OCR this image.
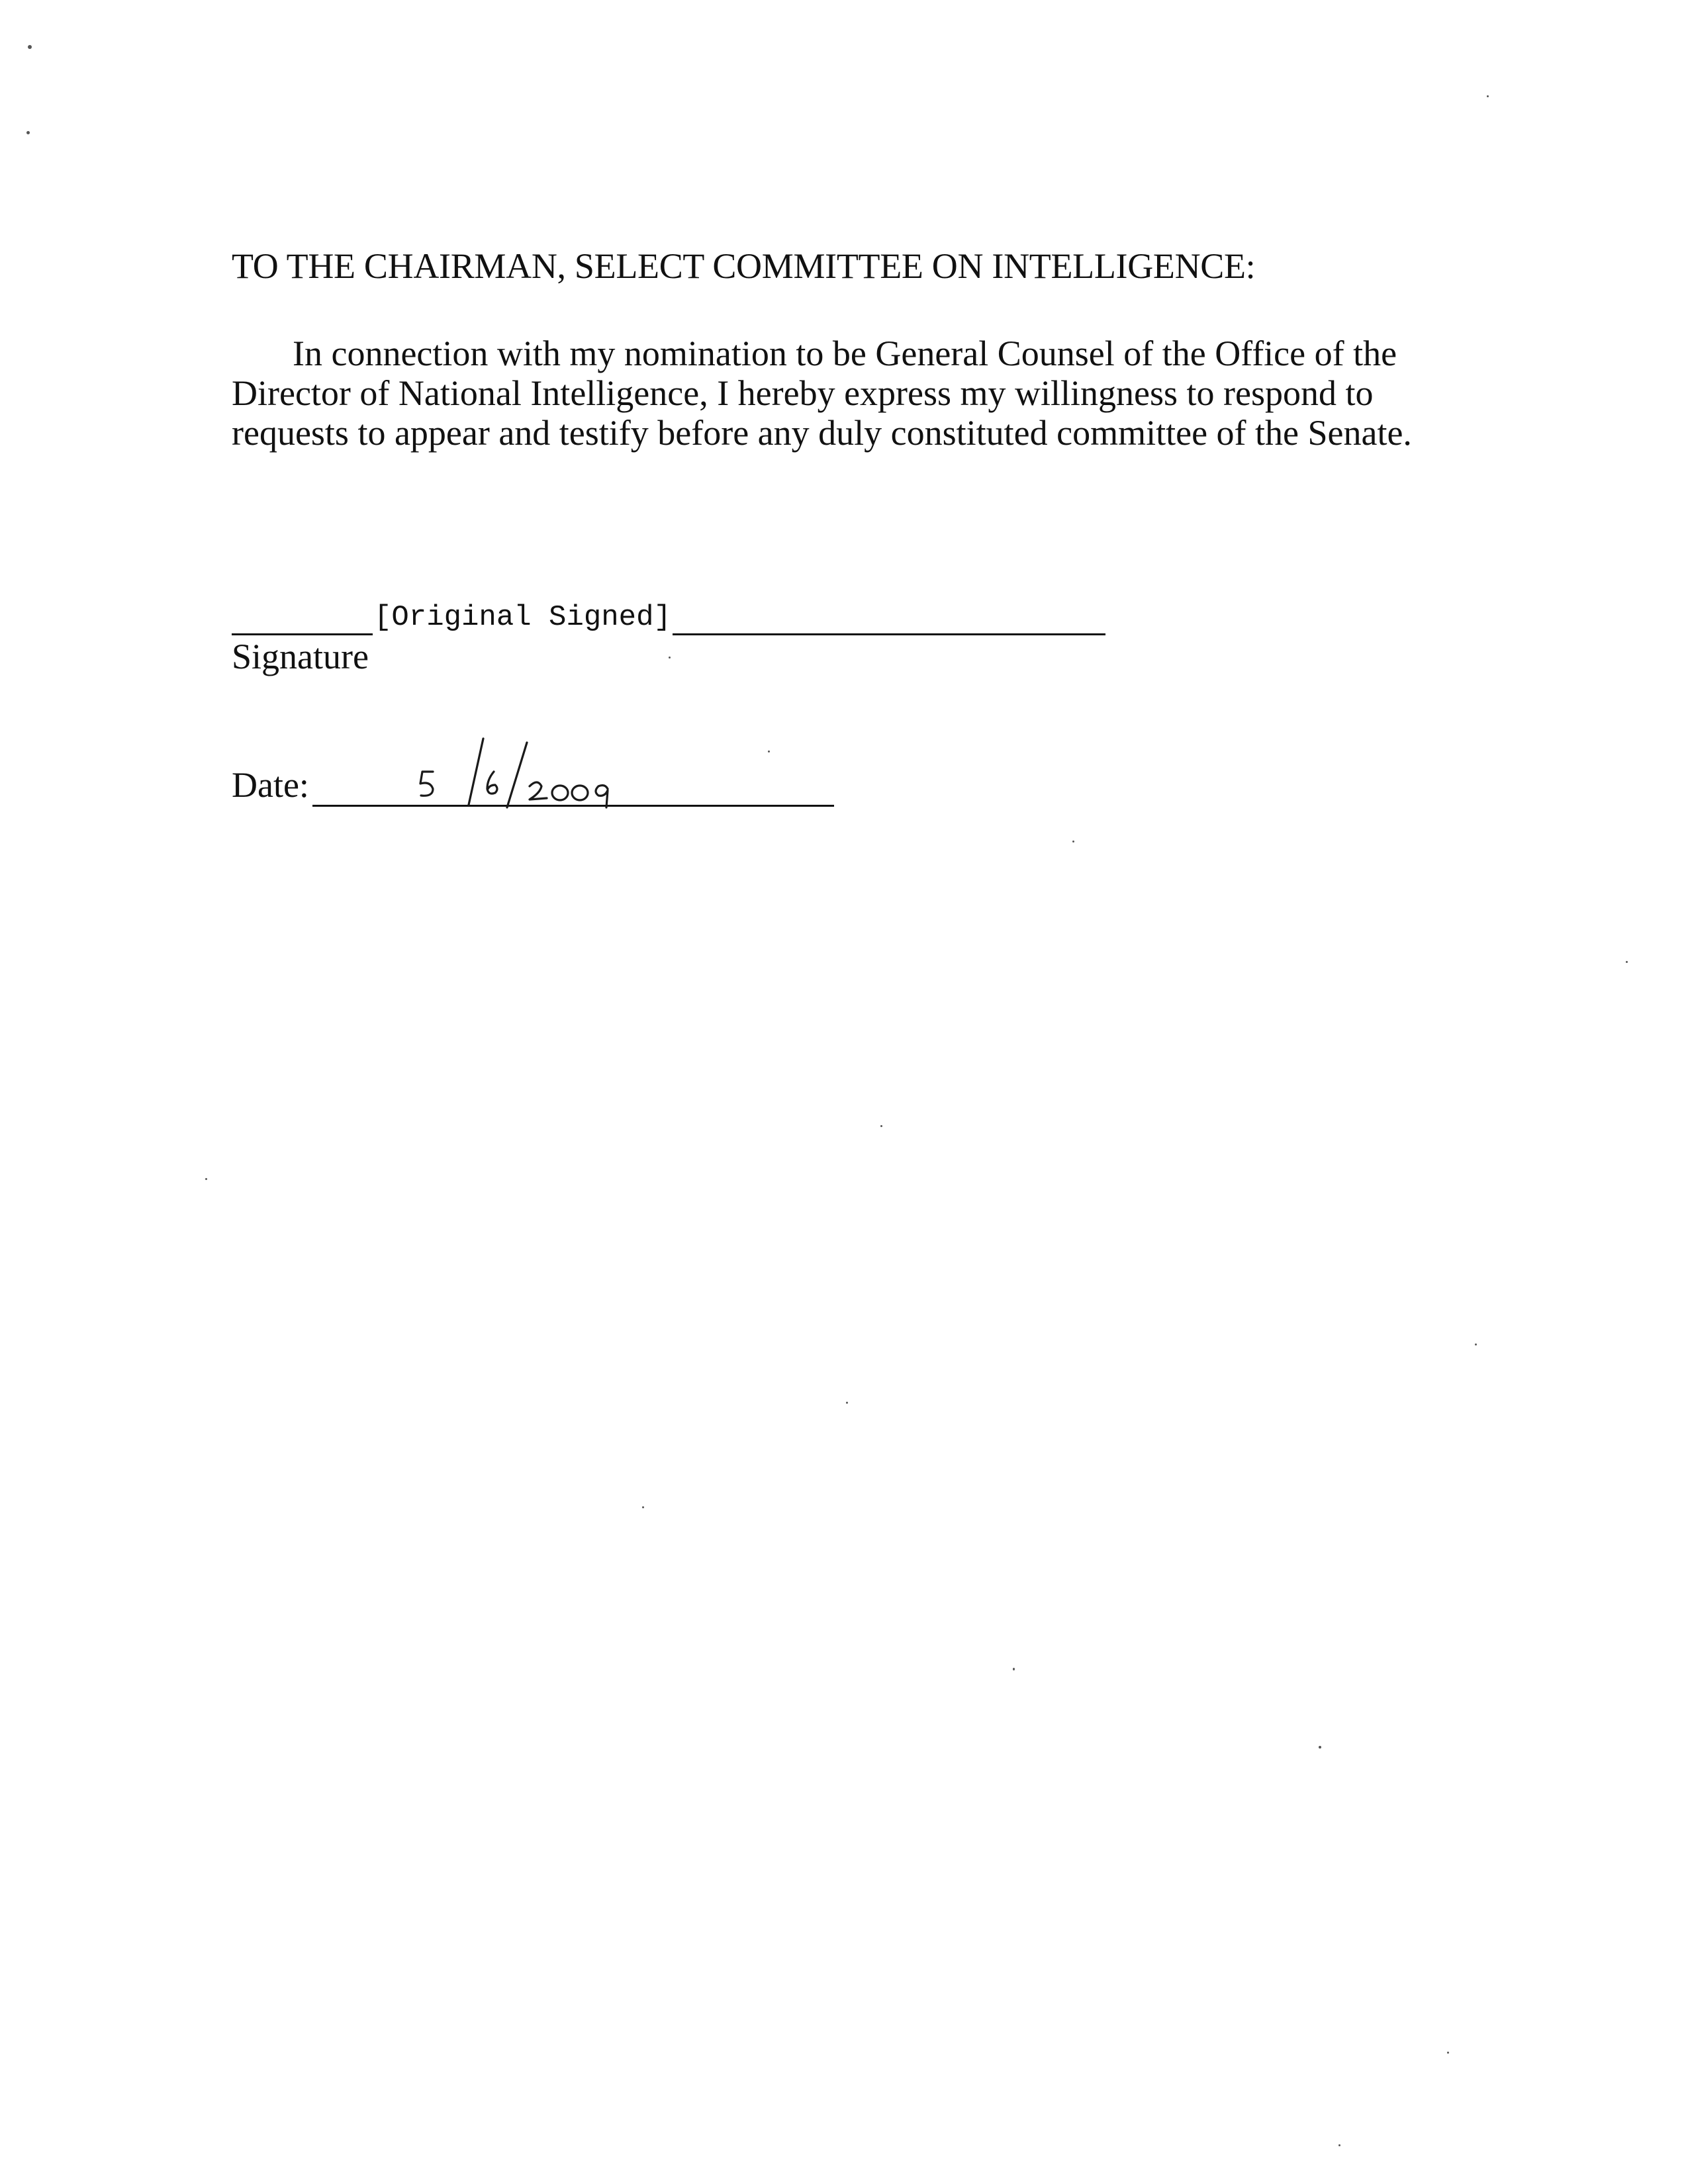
TO THE CHAIRMAN, SELECT COMMITTEE ON INTELLIGENCE:
In connection with my nomination to be General Counsel of the Office of the
Director of National Intelligence, I hereby express my willingness to respond to
requests to appear and testify before any duly constituted committee of the Senate.
[Original Signed]
Signature
Date:
